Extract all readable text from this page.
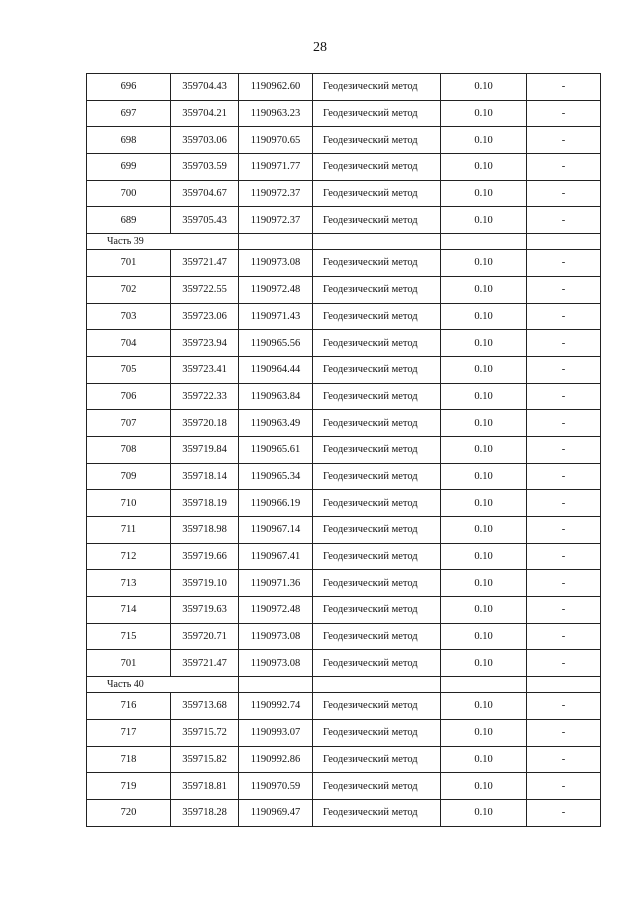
28
696	359704.43	1190962.60	Геодезический метод	0.10	-
697	359704.21	1190963.23	Геодезический метод	0.10	-
698	359703.06	1190970.65	Геодезический метод	0.10	-
699	359703.59	1190971.77	Геодезический метод	0.10	-
700	359704.67	1190972.37	Геодезический метод	0.10	-
689	359705.43	1190972.37	Геодезический метод	0.10	-
Часть 39					
701	359721.47	1190973.08	Геодезический метод	0.10	-
702	359722.55	1190972.48	Геодезический метод	0.10	-
703	359723.06	1190971.43	Геодезический метод	0.10	-
704	359723.94	1190965.56	Геодезический метод	0.10	-
705	359723.41	1190964.44	Геодезический метод	0.10	-
706	359722.33	1190963.84	Геодезический метод	0.10	-
707	359720.18	1190963.49	Геодезический метод	0.10	-
708	359719.84	1190965.61	Геодезический метод	0.10	-
709	359718.14	1190965.34	Геодезический метод	0.10	-
710	359718.19	1190966.19	Геодезический метод	0.10	-
711	359718.98	1190967.14	Геодезический метод	0.10	-
712	359719.66	1190967.41	Геодезический метод	0.10	-
713	359719.10	1190971.36	Геодезический метод	0.10	-
714	359719.63	1190972.48	Геодезический метод	0.10	-
715	359720.71	1190973.08	Геодезический метод	0.10	-
701	359721.47	1190973.08	Геодезический метод	0.10	-
Часть 40					
716	359713.68	1190992.74	Геодезический метод	0.10	-
717	359715.72	1190993.07	Геодезический метод	0.10	-
718	359715.82	1190992.86	Геодезический метод	0.10	-
719	359718.81	1190970.59	Геодезический метод	0.10	-
720	359718.28	1190969.47	Геодезический метод	0.10	-
